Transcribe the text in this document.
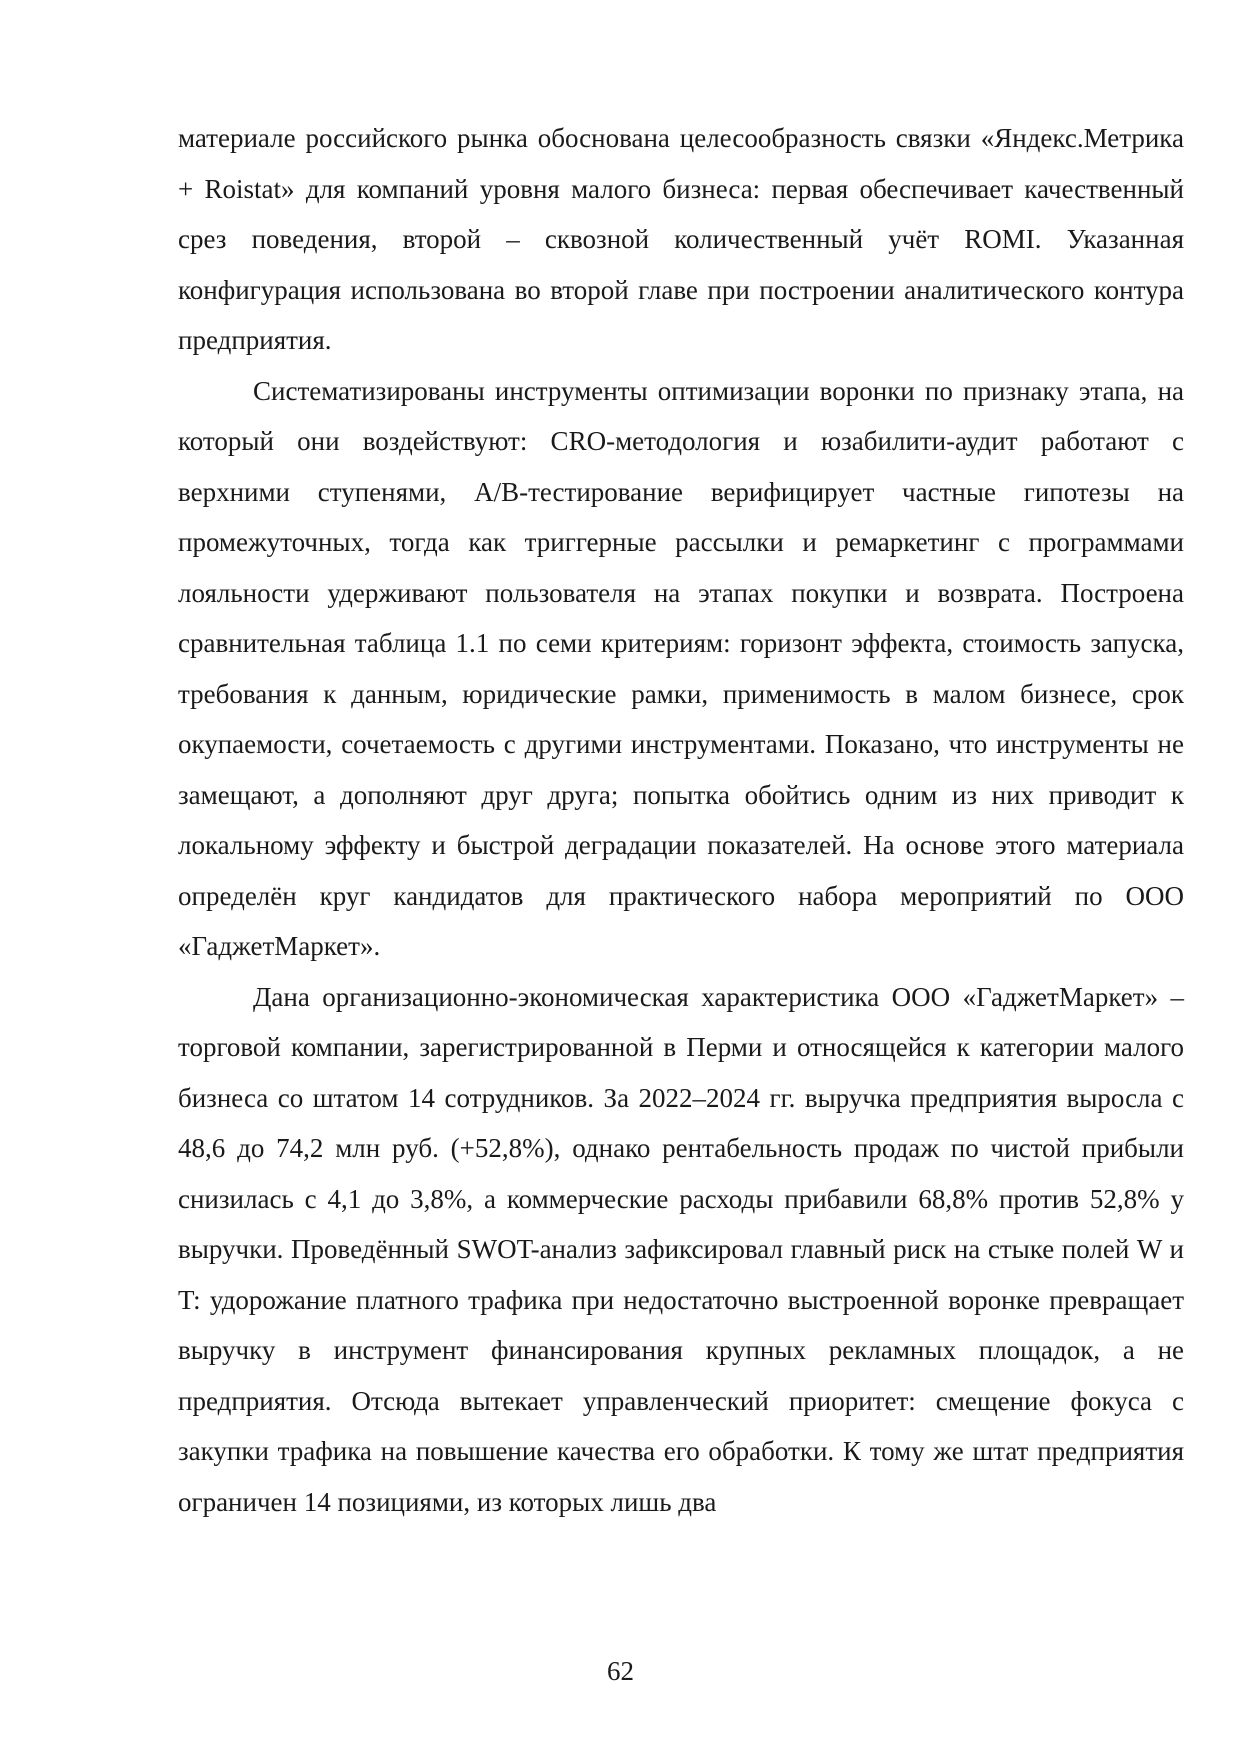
материале российского рынка обоснована целесообразность связки «Яндекс.Метрика + Roistat» для компаний уровня малого бизнеса: первая обеспечивает качественный срез поведения, второй – сквозной количественный учёт ROMI. Указанная конфигурация использована во второй главе при построении аналитического контура предприятия.

Систематизированы инструменты оптимизации воронки по признаку этапа, на который они воздействуют: CRO-методология и юзабилити-аудит работают с верхними ступенями, A/B-тестирование верифицирует частные гипотезы на промежуточных, тогда как триггерные рассылки и ремаркетинг с программами лояльности удерживают пользователя на этапах покупки и возврата. Построена сравнительная таблица 1.1 по семи критериям: горизонт эффекта, стоимость запуска, требования к данным, юридические рамки, применимость в малом бизнесе, срок окупаемости, сочетаемость с другими инструментами. Показано, что инструменты не замещают, а дополняют друг друга; попытка обойтись одним из них приводит к локальному эффекту и быстрой деградации показателей. На основе этого материала определён круг кандидатов для практического набора мероприятий по ООО «ГаджетМаркет».

Дана организационно-экономическая характеристика ООО «ГаджетМаркет» – торговой компании, зарегистрированной в Перми и относящейся к категории малого бизнеса со штатом 14 сотрудников. За 2022–2024 гг. выручка предприятия выросла с 48,6 до 74,2 млн руб. (+52,8%), однако рентабельность продаж по чистой прибыли снизилась с 4,1 до 3,8%, а коммерческие расходы прибавили 68,8% против 52,8% у выручки. Проведённый SWOT-анализ зафиксировал главный риск на стыке полей W и T: удорожание платного трафика при недостаточно выстроенной воронке превращает выручку в инструмент финансирования крупных рекламных площадок, а не предприятия. Отсюда вытекает управленческий приоритет: смещение фокуса с закупки трафика на повышение качества его обработки. К тому же штат предприятия ограничен 14 позициями, из которых лишь два

62
